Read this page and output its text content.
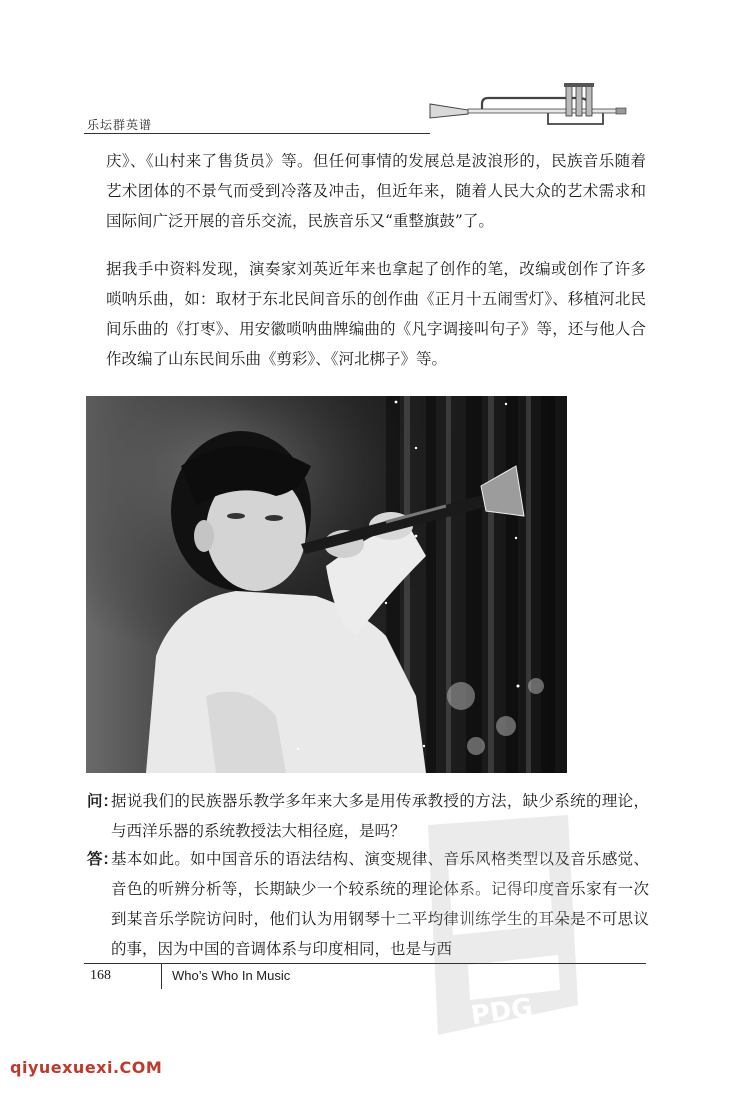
乐坛群英谱
庆》、《山村来了售货员》等。但任何事情的发展总是波浪形的，民族音乐随着艺术团体的不景气而受到冷落及冲击，但近年来，随着人民大众的艺术需求和国际间广泛开展的音乐交流，民族音乐又“重整旗鼓”了。
据我手中资料发现，演奏家刘英近年来也拿起了创作的笔，改编或创作了许多唢呐乐曲，如：取材于东北民间音乐的创作曲《正月十五闹雪灯》、移植河北民间乐曲的《打枣》、用安徽唢呐曲牌编曲的《凡字调接叫句子》等，还与他人合作改编了山东民间乐曲《剪彩》、《河北梆子》等。
问：
据说我们的民族器乐教学多年来大多是用传承教授的方法，缺少系统的理论，与西洋乐器的系统教授法大相径庭，是吗？
答：
基本如此。如中国音乐的语法结构、演变规律、音乐风格类型以及音乐感觉、音色的听辨分析等，长期缺少一个较系统的理论体系。记得印度音乐家有一次到某音乐学院访问时，他们认为用钢琴十二平均律训练学生的耳朵是不可思议的事，因为中国的音调体系与印度相同，也是与西
PDG
168	Who’s Who In Music
qiyuexuexi.COM
